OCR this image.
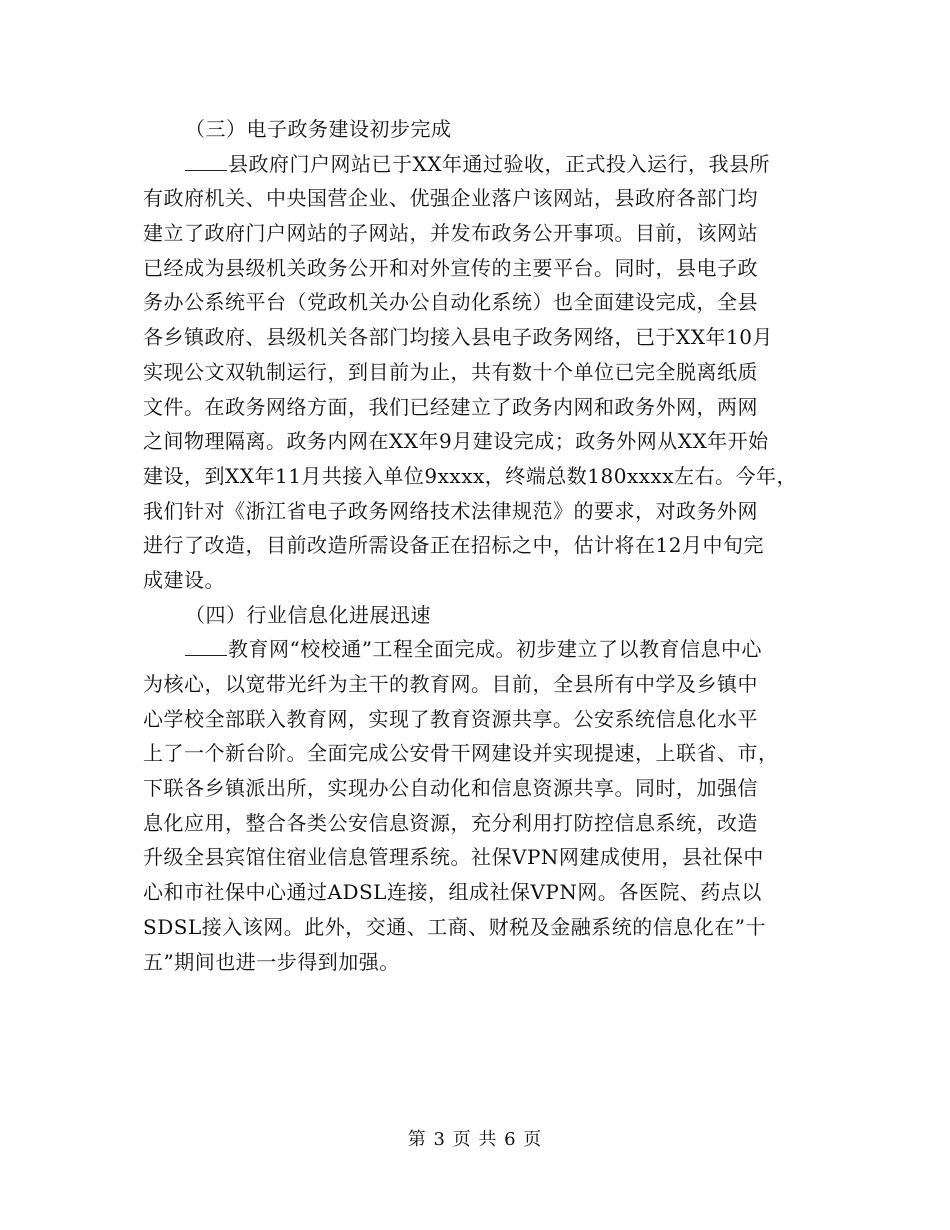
（三）电子政务建设初步完成
县政府门户网站已于XX年通过验收，正式投入运行，我县所
有政府机关、中央国营企业、优强企业落户该网站，县政府各部门均
建立了政府门户网站的子网站，并发布政务公开事项。目前，该网站
已经成为县级机关政务公开和对外宣传的主要平台。同时，县电子政
务办公系统平台（党政机关办公自动化系统）也全面建设完成，全县
各乡镇政府、县级机关各部门均接入县电子政务网络，已于XX年10月
实现公文双轨制运行，到目前为止，共有数十个单位已完全脱离纸质
文件。在政务网络方面，我们已经建立了政务内网和政务外网，两网
之间物理隔离。政务内网在XX年9月建设完成；政务外网从XX年开始
建设，到XX年11月共接入单位9xxxx，终端总数180xxxx左右。今年，
我们针对《浙江省电子政务网络技术法律规范》的要求，对政务外网
进行了改造，目前改造所需设备正在招标之中，估计将在12月中旬完
成建设。
（四）行业信息化进展迅速
教育网“校校通”工程全面完成。初步建立了以教育信息中心
为核心，以宽带光纤为主干的教育网。目前，全县所有中学及乡镇中
心学校全部联入教育网，实现了教育资源共享。公安系统信息化水平
上了一个新台阶。全面完成公安骨干网建设并实现提速，上联省、市，
下联各乡镇派出所，实现办公自动化和信息资源共享。同时，加强信
息化应用，整合各类公安信息资源，充分利用打防控信息系统，改造
升级全县宾馆住宿业信息管理系统。社保VPN网建成使用，县社保中
心和市社保中心通过ADSL连接，组成社保VPN网。各医院、药点以
SDSL接入该网。此外，交通、工商、财税及金融系统的信息化在”十
五”期间也进一步得到加强。
第 3 页 共 6 页
